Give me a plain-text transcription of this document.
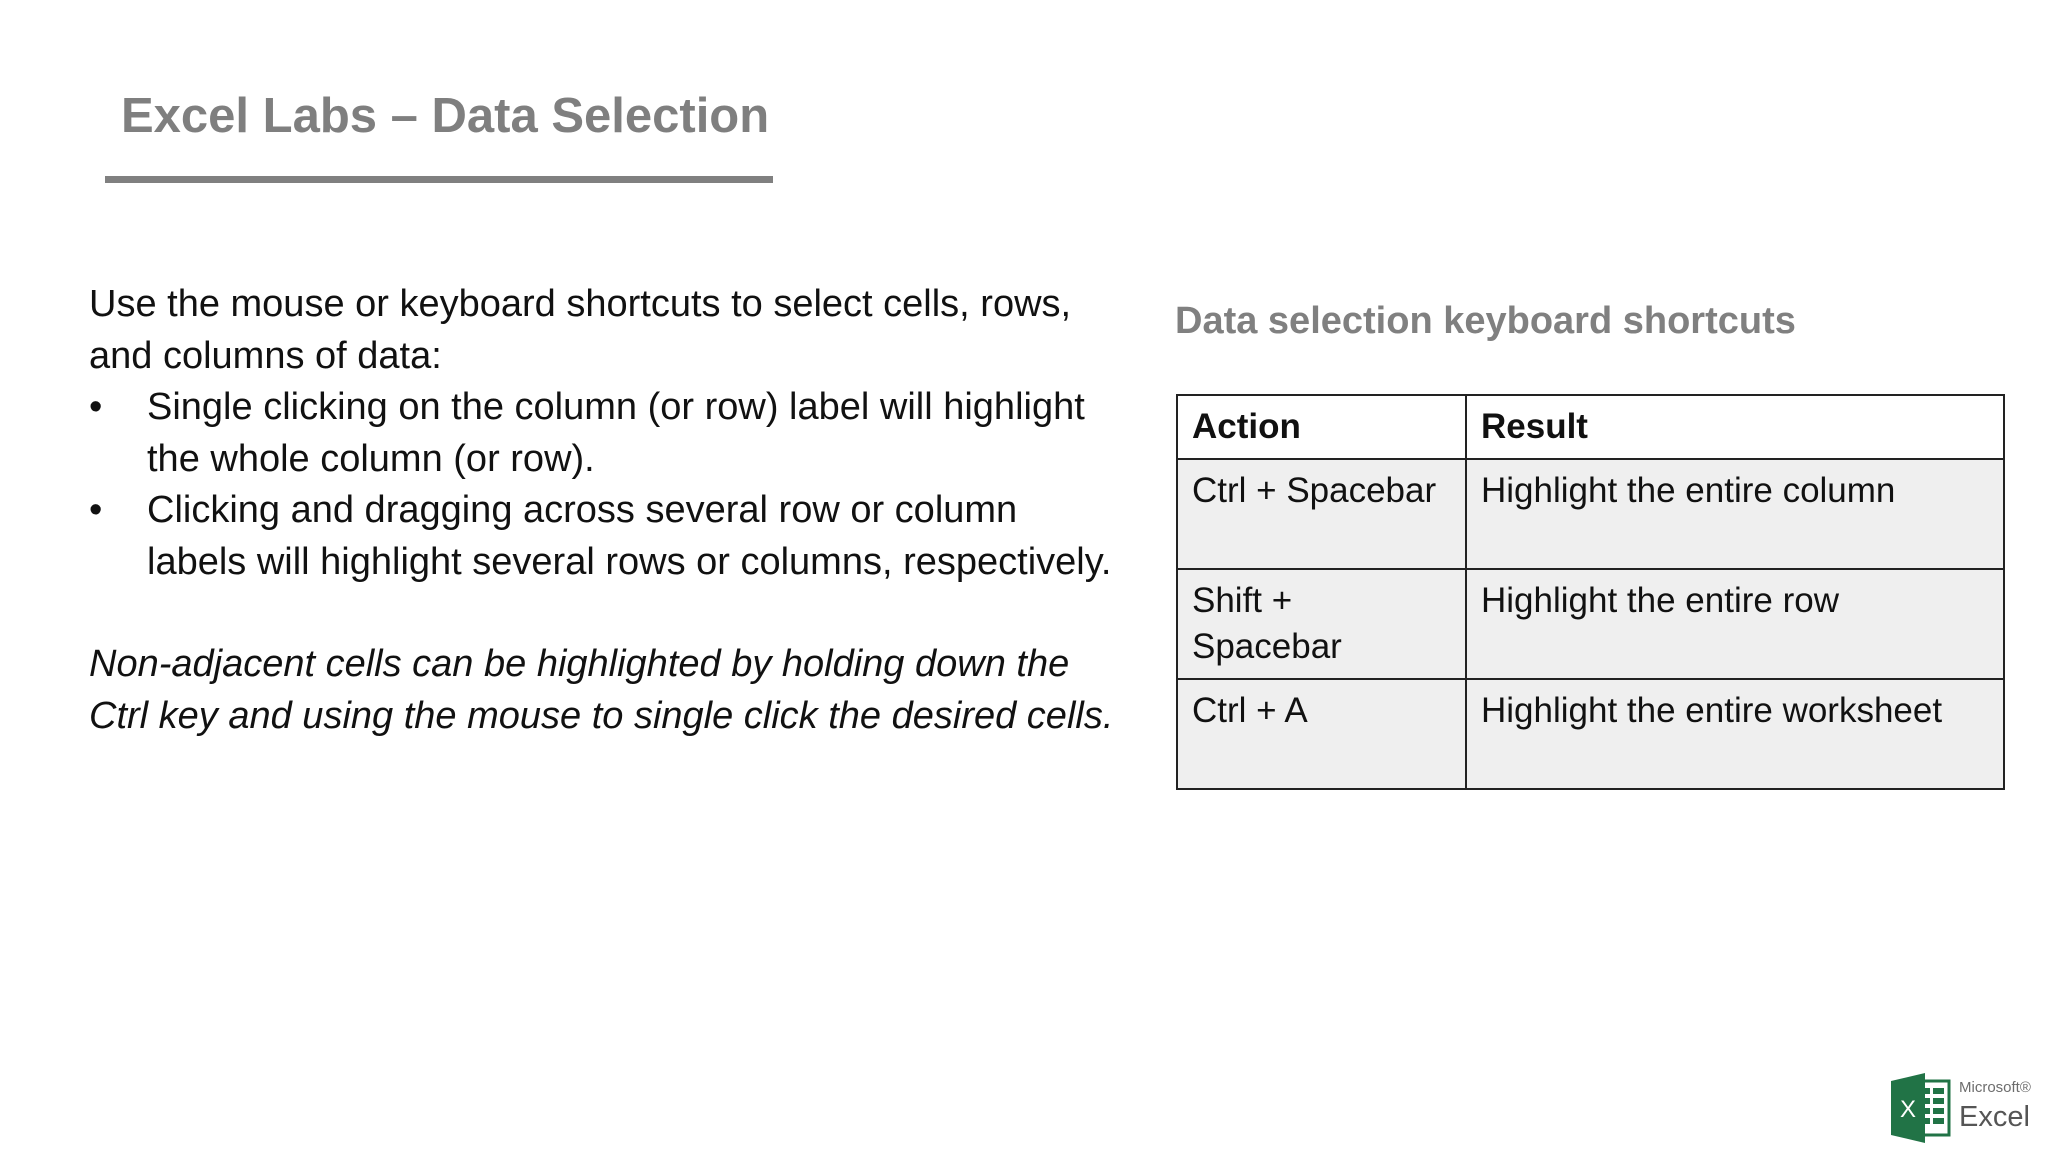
Excel Labs – Data Selection

Use the mouse or keyboard shortcuts to select cells, rows, and columns of data:

• Single clicking on the column (or row) label will highlight the whole column (or row).
• Clicking and dragging across several row or column labels will highlight several rows or columns, respectively.

Non-adjacent cells can be highlighted by holding down the Ctrl key and using the mouse to single click the desired cells.

Data selection keyboard shortcuts
Action	Result
Ctrl + Spacebar	Highlight the entire column
Shift + Spacebar	Highlight the entire row
Ctrl + A	Highlight the entire worksheet
X
Microsoft®
Excel
